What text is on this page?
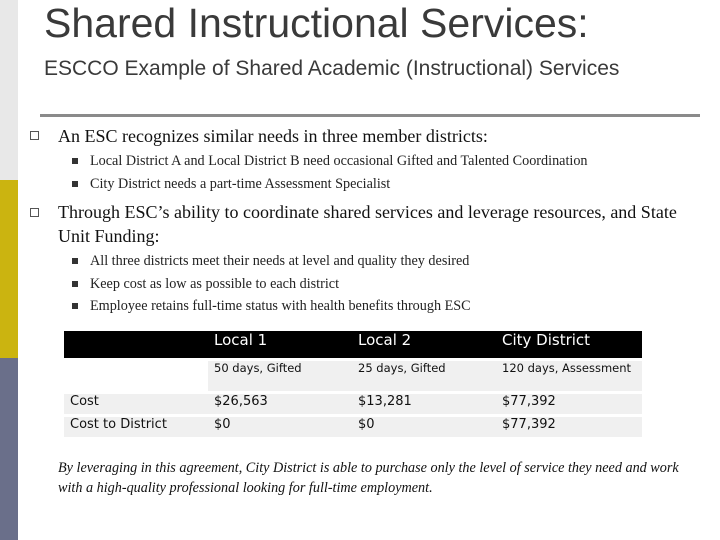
Shared Instructional Services:
ESCCO Example of Shared Academic (Instructional) Services
An ESC recognizes similar needs in three member districts:
Local District A and Local District B need occasional Gifted and Talented Coordination
City District needs a part-time Assessment Specialist
Through ESC’s ability to coordinate shared services and leverage resources, and State Unit Funding:
All three districts meet their needs at level and quality they desired
Keep cost as low as possible to each district
Employee retains full-time status with health benefits through ESC
	Local 1	Local 2	City District
	50 days, Gifted	25 days, Gifted	120 days, Assessment
Cost	$26,563	$13,281	$77,392
Cost to District	$0	$0	$77,392
By leveraging in this agreement, City District is able to purchase only the level of service they need and work with a high-quality professional looking for full-time employment.
